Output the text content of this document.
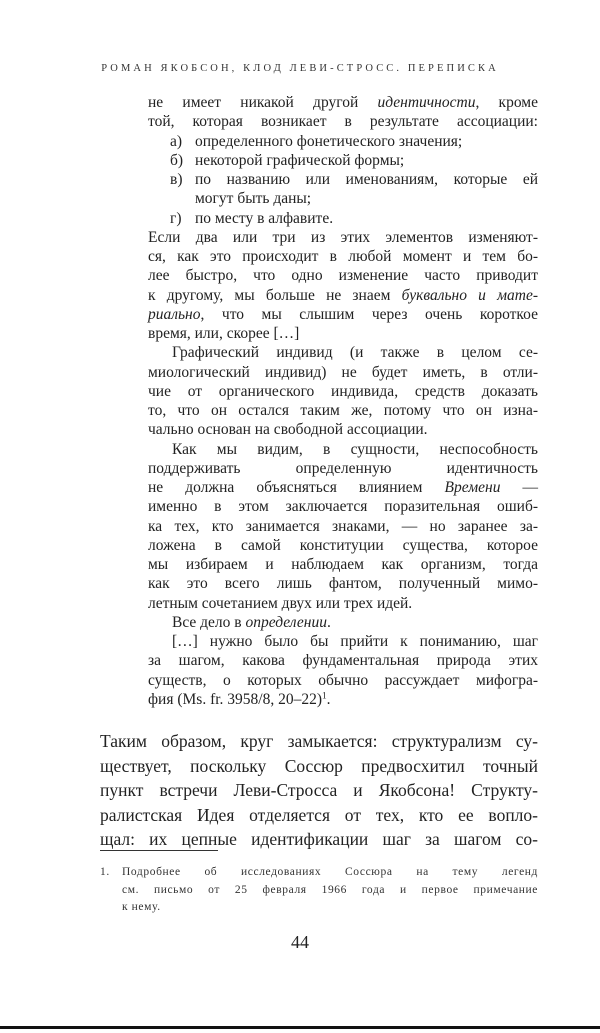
РОМАН ЯКОБСОН, КЛОД ЛЕВИ-СТРОСС. ПЕРЕПИСКА
не имеет никакой другой идентичности, кроме
той, которая возникает в результате ассоциации:
а) определенного фонетического значения;
б) некоторой графической формы;
в) по названию или именованиям, которые ей
могут быть даны;
г) по месту в алфавите.
Если два или три из этих элементов изменяют-
ся, как это происходит в любой момент и тем бо-
лее быстро, что одно изменение часто приводит
к другому, мы больше не знаем буквально и мате-
риально, что мы слышим через очень короткое
время, или, скорее […]
Графический индивид (и также в целом се-
миологический индивид) не будет иметь, в отли-
чие от органического индивида, средств доказать
то, что он остался таким же, потому что он изна-
чально основан на свободной ассоциации.
Как мы видим, в сущности, неспособность
поддерживать определенную идентичность
не должна объясняться влиянием Времени —
именно в этом заключается поразительная ошиб-
ка тех, кто занимается знаками, — но заранее за-
ложена в самой конституции существа, которое
мы избираем и наблюдаем как организм, тогда
как это всего лишь фантом, полученный мимо-
летным сочетанием двух или трех идей.
Все дело в определении.
[…] нужно было бы прийти к пониманию, шаг
за шагом, какова фундаментальная природа этих
существ, о которых обычно рассуждает мифогра-
фия (Ms. fr. 3958/8, 20–22)$^1$.
Таким образом, круг замыкается: структурализм су-
ществует, поскольку Соссюр предвосхитил точный
пункт встречи Леви-Стросса и Якобсона! Структу-
ралистская Идея отделяется от тех, кто ее вопло-
щал: их цепные идентификации шаг за шагом со-
1. Подробнее об исследованиях Соссюра на тему легенд
см. письмо от 25 февраля 1966 года и первое примечание
к нему.
44
